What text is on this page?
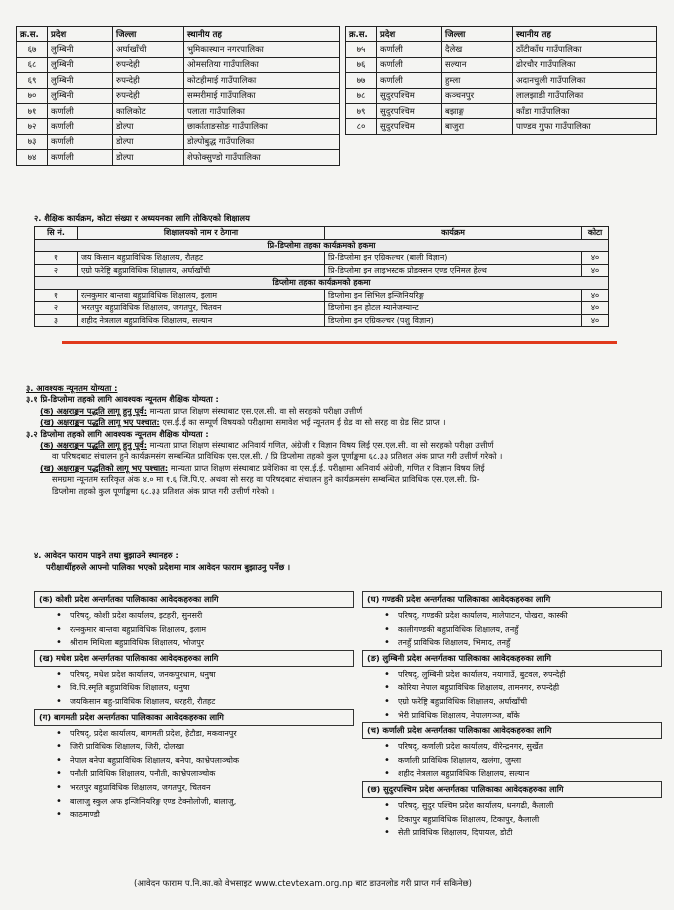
क्र.स.	प्रदेश	जिल्ला	स्थानीय तह
६७	लुम्बिनी	अर्घाखाँची	भुमिकास्थान नगरपालिका
६८	लुम्बिनी	रुपन्देही	ओमसतिया गाउँपालिका
६९	लुम्बिनी	रुपन्देही	कोटहीमाई गाउँपालिका
७०	लुम्बिनी	रुपन्देही	सम्मरीमाई गाउँपालिका
७१	कर्णाली	कालिकोट	पलाता गाउँपालिका
७२	कर्णाली	डोल्पा	छार्काताङसोङ गाउँपालिका
७३	कर्णाली	डोल्पा	डोल्पोबुद्ध गाउँपालिका
७४	कर्णाली	डोल्पा	शेफोक्सुण्डो गाउँपालिका
क्र.स.	प्रदेश	जिल्ला	स्थानीय तह
७५	कर्णाली	दैलेख	ठाँटीकाँध गाउँपालिका
७६	कर्णाली	सल्यान	ढोरचौर गाउँपालिका
७७	कर्णाली	हुम्ला	अदानचुली गाउँपालिका
७८	सुदुरपश्चिम	कञ्चनपुर	लालझाडी गाउँपालिका
७९	सुदुरपश्चिम	बझाङ्ग	काँडा गाउँपालिका
८०	सुदुरपश्चिम	बाजुरा	पाण्डव गुफा गाउँपालिका
२. शैक्षिक कार्यक्रम, कोटा संख्या र अध्ययनका लागि तोकिएको शिक्षालय
सि नं.	शिक्षालयको नाम र ठेगाना	कार्यक्रम	कोटा
प्रि-डिप्लोमा तहका कार्यक्रमको हकमा			
१	जय किसान बहुप्राविधिक शिक्षालय, रौतहट	प्रि-डिप्लोमा इन एग्रिकल्चर (बाली विज्ञान)	४०
२	एग्रो फरेष्ट्रि बहुप्राविधिक शिक्षालय, अर्घाखाँची	प्रि-डिप्लोमा इन लाइभस्टक प्रोडक्सन एण्ड एनिमल हेल्थ	४०
डिप्लोमा तहका कार्यक्रमको हकमा			
१	रत्नकुमार बान्तवा बहुप्राविधिक शिक्षालय, इलाम	डिप्लोमा इन सिभिल इन्जिनियरिङ्ग	४०
२	भरतपुर बहुप्राविधिक शिक्षालय, जगतपुर, चितवन	डिप्लोमा इन होटल म्यानेजम्यान्ट	४०
३	शहीद नेत्रलाल बहुप्राविधिक शिक्षालय, सल्यान	डिप्लोमा इन एग्रिकल्चर (पशु विज्ञान)	४०
३. आवश्यक न्यूनतम योग्यता :
३.१ प्रि-डिप्लोमा तहको लागि आवश्यक न्यूनतम शैक्षिक योग्यता :
(क) अक्षराङ्कन पद्धति लागू हुनु पूर्व: मान्यता प्राप्त शिक्षण संस्थाबाट एस.एल.सी. वा सो सरहको परीक्षा उत्तीर्ण
(ख) अक्षराङ्कन पद्धति लागू भए पश्चात: एस.ई.ई का सम्पूर्ण विषयको परीक्षामा समावेश भई न्यूनतम ई ग्रेड वा सो सरह वा ग्रेड सिट प्राप्त ।
३.२ डिप्लोमा तहको लागि आवश्यक न्यूनतम शैक्षिक योग्यता :
(क) अक्षराङ्कन पद्धति लागू हुनु पूर्व: मान्यता प्राप्त शिक्षण संस्थाबाट अनिवार्य गणित, अंग्रेजी र विज्ञान विषय लिई एस.एल.सी. वा सो सरहको परीक्षा उत्तीर्ण
वा परिषदबाट संचालन हुने कार्यक्रमसंग सम्बन्धित प्राविधिक एस.एल.सी. / प्रि डिप्लोमा तहको कुल पूर्णाङ्कमा ६८.३३ प्रतिशत अंक प्राप्त गरी उत्तीर्ण गरेको ।
(ख) अक्षराङ्कन पद्धतिको लागू भए पश्चात: मान्यता प्राप्त शिक्षण संस्थाबाट प्रवेशिका वा एस.ई.ई. परीक्षामा अनिवार्य अंग्रेजी, गणित र विज्ञान विषय लिई
समग्रमा न्यूनतम स्तरिकृत अंक ४.० मा १.६ जि.पि.ए. अथवा सो सरह वा परिषदबाट संचालन हुने कार्यक्रमसंग सम्बन्धित प्राविधिक एस.एल.सी. प्रि-
डिप्लोमा तहको कुल पूर्णाङ्कमा ६८.३३ प्रतिशत अंक प्राप्त गरी उत्तीर्ण गरेको ।
४. आवेदन फाराम पाइने तथा बुझाउने स्थानहरु :
परीक्षार्थीहरुले आफ्नो पालिका भएको प्रदेशमा मात्र आवेदन फाराम बुझाउनु पर्नेछ ।
(क) कोशी प्रदेश अन्तर्गतका पालिकाका आवेदकहरुका लागि
• परिषद्, कोशी प्रदेश कार्यालय, इटहरी, सुनसरी
• रत्नकुमार बान्तवा बहुप्राविधिक शिक्षालय, इलाम
• श्रीराम मिथिला बहुप्राविधिक शिक्षालय, भोजपुर
(ख) मधेश प्रदेश अन्तर्गतका पालिकाका आवेदकहरुका लागि
• परिषद्, मधेश प्रदेश कार्यालय, जनकपुरधाम, धनुषा
• वि.पि.स्मृति बहुप्राविधिक शिक्षालय, धनुषा
• जयकिसान बहु-प्राविधिक शिक्षालय, धरहरी, रौतहट
(ग) बागमती प्रदेश अन्तर्गतका पालिकाका आवेदकहरुका लागि
• परिषद्, प्रदेश कार्यालय, बागमती प्रदेश, हेटौडा, मकवानपुर
• जिरी प्राविधिक शिक्षालय, जिरी, दोलखा
• नेपाल बनेपा बहुप्राविधिक शिक्षालय, बनेपा, काभ्रेपलाञ्चोक
• पनौती प्राविधिक शिक्षालय, पनौती, काभ्रेपलाञ्चोक
• भरतपुर बहुप्राविधिक शिक्षालय, जगतपुर, चितवन
• बालाजु स्कुल अफ इन्जिनियरिङ्ग एण्ड टेक्नोलोजी, बालाजु,
• काठमाण्डौ
(घ) गण्डकी प्रदेश अन्तर्गतका पालिकाका आवेदकहरुका लागि
• परिषद्, गण्डकी प्रदेश कार्यालय, मालेपाटन, पोखरा, कास्की
• कालीगण्डकी बहुप्राविधिक शिक्षालय, तनहुँ
• तनहुँ प्राविधिक शिक्षालय, भिमाद, तनहुँ
(ङ) लुम्बिनी प्रदेश अन्तर्गतका पालिकाका आवेदकहरुका लागि
• परिषद्, लुम्बिनी प्रदेश कार्यालय, नयागाउँ, बुटवल, रुपन्देही
• कोरिया नेपाल बहुप्राविधिक शिक्षालय, तामनगर, रुपन्देही
• एग्रो फरेष्ट्रि बहुप्राविधिक शिक्षालय, अर्घाखाँची
• भेरी प्राविधिक शिक्षालय, नेपालगञ्ज, बाँके
(च) कर्णाली प्रदेश अन्तर्गतका पालिकाका आवेदकहरुका लागि
• परिषद्, कर्णाली प्रदेश कार्यालय, वीरेन्द्रनगर, सुर्खेत
• कर्णाली प्राविधिक शिक्षालय, खलंगा, जुम्ला
• शहीद नेत्रलाल बहुप्राविधिक शिक्षालय, सल्यान
(छ) सुदुरपश्चिम प्रदेश अन्तर्गतका पालिकाका आवेदकहरुका लागि
• परिषद्, सुदुर पश्चिम प्रदेश कार्यालय, धनगढी, कैलाली
• टिकापुर बहुप्राविधिक शिक्षालय, टिकापुर, कैलाली
• सेती प्राविधिक शिक्षालय, दिपायल, डोटी
(आवेदन फाराम प.नि.का.को वेभसाइट www.ctevtexam.org.np बाट डाउनलोड गरी प्राप्त गर्न सकिनेछ)
